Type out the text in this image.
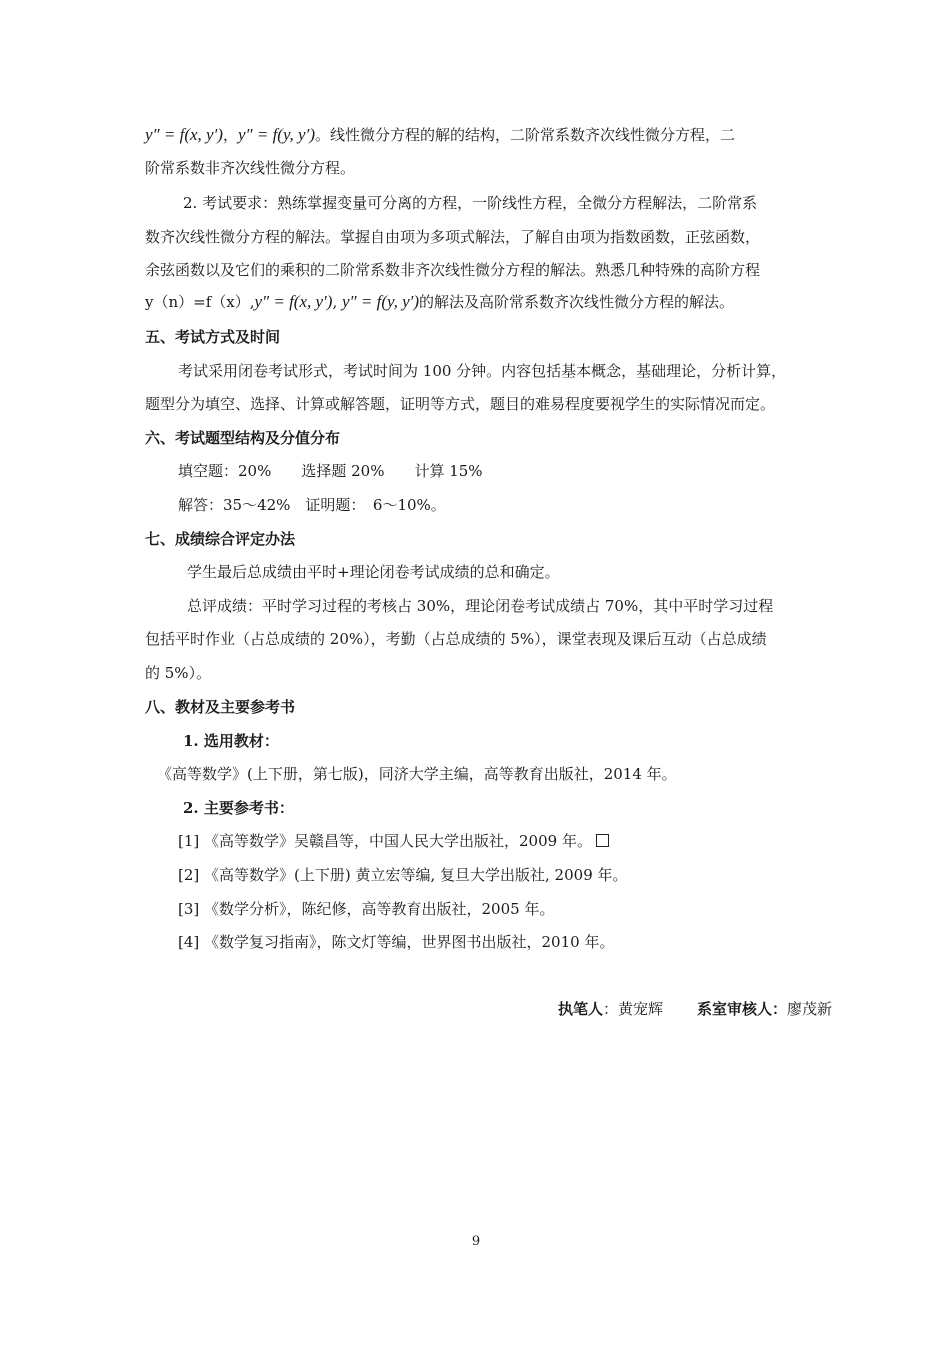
y″ = f(x, y′)，y″ = f(y, y′)。线性微分方程的解的结构，二阶常系数齐次线性微分方程，二
阶常系数非齐次线性微分方程。
2. 考试要求：熟练掌握变量可分离的方程，一阶线性方程，全微分方程解法，二阶常系
数齐次线性微分方程的解法。掌握自由项为多项式解法，了解自由项为指数函数，正弦函数，
余弦函数以及它们的乘积的二阶常系数非齐次线性微分方程的解法。熟悉几种特殊的高阶方程
y（n）=f（x）,y″ = f(x, y′), y″ = f(y, y′)的解法及高阶常系数齐次线性微分方程的解法。
五、考试方式及时间
考试采用闭卷考试形式，考试时间为 100 分钟。内容包括基本概念，基础理论，分析计算，
题型分为填空、选择、计算或解答题，证明等方式，题目的难易程度要视学生的实际情况而定。
六、考试题型结构及分值分布
填空题：20%　　选择题 20%　　计算 15%
解答：35～42%　证明题：　6～10%。
七、成绩综合评定办法
学生最后总成绩由平时+理论闭卷考试成绩的总和确定。
总评成绩：平时学习过程的考核占 30%，理论闭卷考试成绩占 70%，其中平时学习过程
包括平时作业（占总成绩的 20%），考勤（占总成绩的 5%），课堂表现及课后互动（占总成绩
的 5%）。
八、教材及主要参考书
1. 选用教材：
《高等数学》(上下册，第七版)，同济大学主编，高等教育出版社，2014 年。
2. 主要参考书：
[1] 《高等数学》吴赣昌等，中国人民大学出版社，2009 年。
[2] 《高等数学》(上下册) 黄立宏等编, 复旦大学出版社, 2009 年。
[3] 《数学分析》，陈纪修，高等教育出版社，2005 年。
[4] 《数学复习指南》，陈文灯等编，世界图书出版社，2010 年。
执笔人：黄宠辉 系室审核人：廖茂新
9
